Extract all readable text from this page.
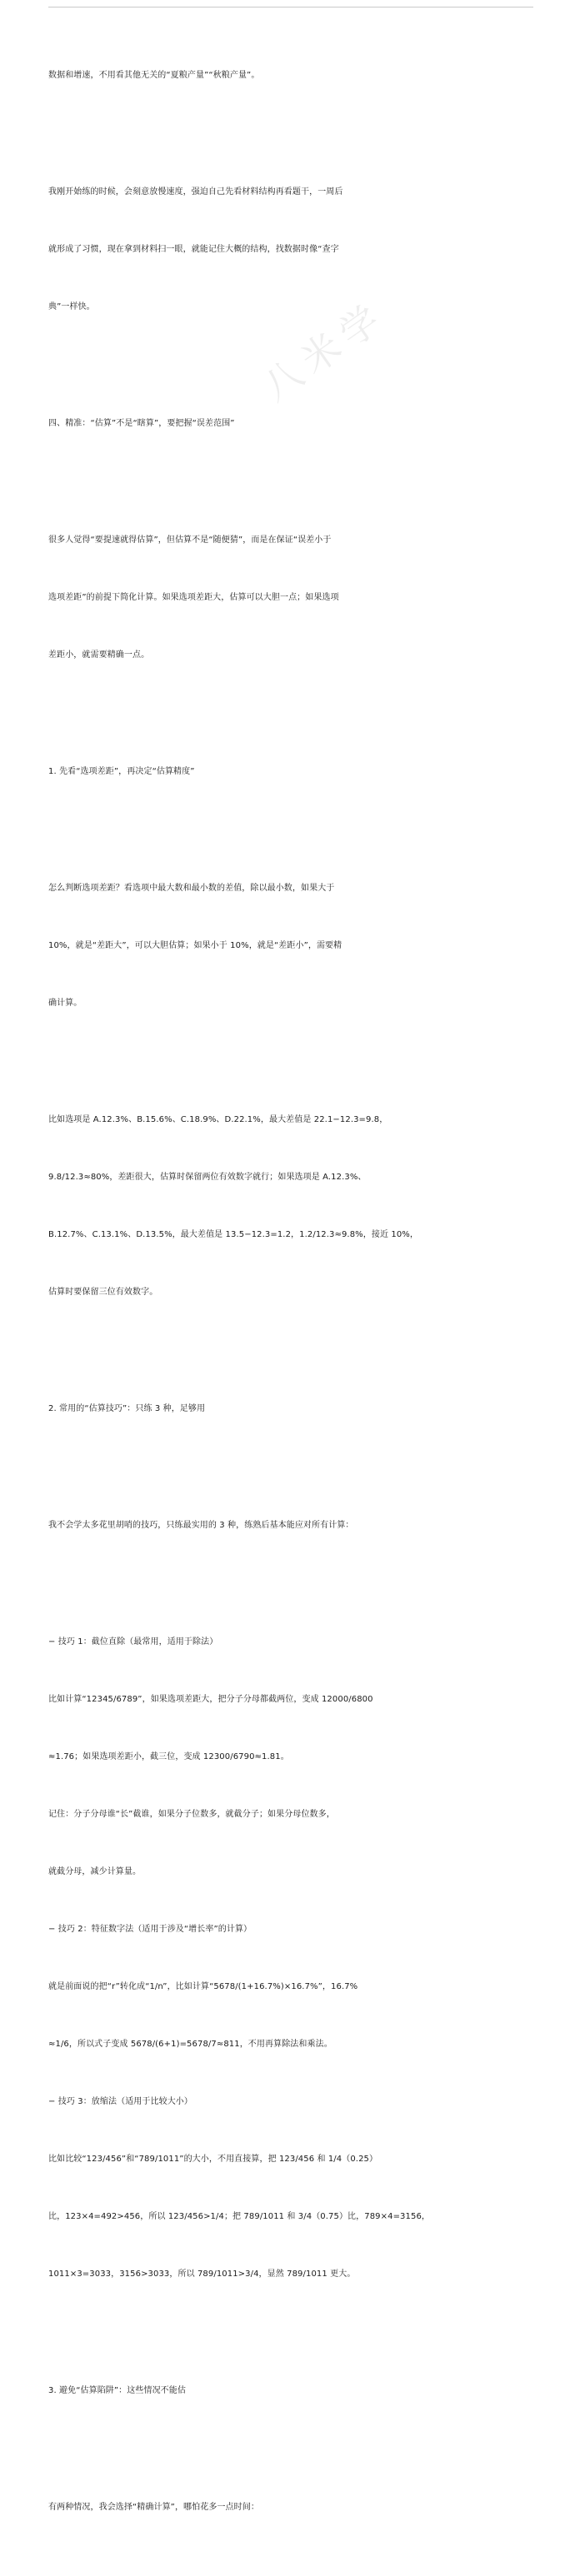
八米学

数据和增速，不用看其他无关的“夏粮产量”“秋粮产量”。

我刚开始练的时候，会刻意放慢速度，强迫自己先看材料结构再看题干，一周后

就形成了习惯，现在拿到材料扫一眼，就能记住大概的结构，找数据时像“查字

典”一样快。

四、精准：“估算”不是“瞎算”，要把握“误差范围”

很多人觉得“要提速就得估算”，但估算不是“随便猜”，而是在保证“误差小于

选项差距”的前提下简化计算。如果选项差距大，估算可以大胆一点；如果选项

差距小，就需要精确一点。

1. 先看“选项差距”，再决定“估算精度”

怎么判断选项差距？看选项中最大数和最小数的差值，除以最小数，如果大于

10%，就是“差距大”，可以大胆估算；如果小于 10%，就是“差距小”，需要精

确计算。

比如选项是 A.12.3%、B.15.6%、C.18.9%、D.22.1%，最大差值是 22.1−12.3=9.8，

9.8/12.3≈80%，差距很大，估算时保留两位有效数字就行；如果选项是 A.12.3%、

B.12.7%、C.13.1%、D.13.5%，最大差值是 13.5−12.3=1.2，1.2/12.3≈9.8%，接近 10%，

估算时要保留三位有效数字。

2. 常用的“估算技巧”：只练 3 种，足够用

我不会学太多花里胡哨的技巧，只练最实用的 3 种，练熟后基本能应对所有计算：

− 技巧 1：截位直除（最常用，适用于除法）

比如计算“12345/6789”，如果选项差距大，把分子分母都截两位，变成 12000/6800

≈1.76；如果选项差距小，截三位，变成 12300/6790≈1.81。

记住：分子分母谁“长”截谁，如果分子位数多，就截分子；如果分母位数多，

就截分母，减少计算量。

− 技巧 2：特征数字法（适用于涉及“增长率”的计算）

就是前面说的把“r”转化成“1/n”，比如计算“5678/(1+16.7%)×16.7%”，16.7%

≈1/6，所以式子变成 5678/(6+1)=5678/7≈811，不用再算除法和乘法。

− 技巧 3：放缩法（适用于比较大小）

比如比较“123/456”和“789/1011”的大小，不用直接算，把 123/456 和 1/4（0.25）

比，123×4=492>456，所以 123/456>1/4；把 789/1011 和 3/4（0.75）比，789×4=3156，

1011×3=3033，3156>3033，所以 789/1011>3/4，显然 789/1011 更大。

3. 避免“估算陷阱”：这些情况不能估

有两种情况，我会选择“精确计算”，哪怕花多一点时间：
